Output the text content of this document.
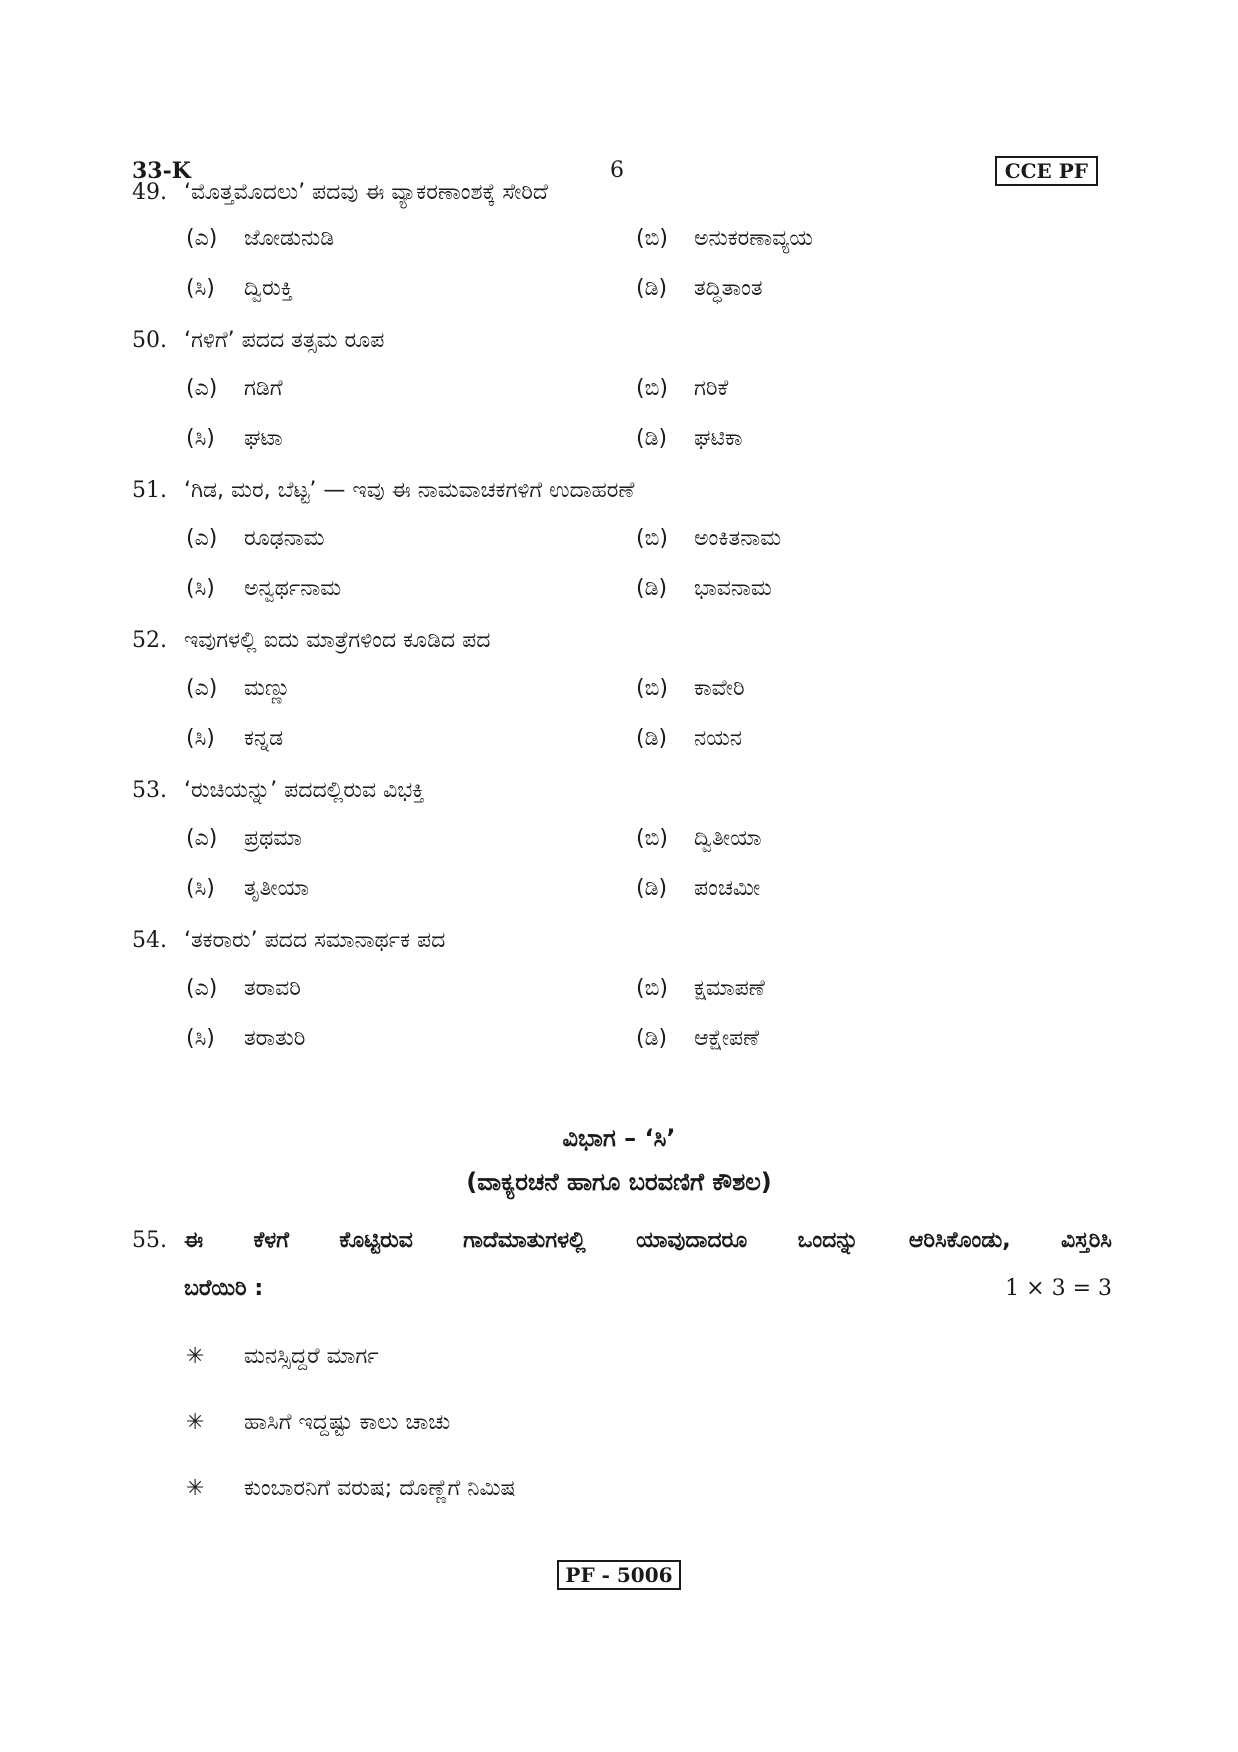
33-K	6	CCE PF
49. ‘ಮೊತ್ತಮೊದಲು’ ಪದವು ಈ ವ್ಯಾಕರಣಾಂಶಕ್ಕೆ ಸೇರಿದೆ
(ಎ) ಜೋಡುನುಡಿ	(ಬಿ) ಅನುಕರಣಾವ್ಯಯ
(ಸಿ) ದ್ವಿರುಕ್ತಿ	(ಡಿ) ತದ್ಧಿತಾಂತ
50. ‘ಗಳಿಗೆ’ ಪದದ ತತ್ಸಮ ರೂಪ
(ಎ) ಗಡಿಗೆ	(ಬಿ) ಗರಿಕೆ
(ಸಿ) ಘಟಾ	(ಡಿ) ಘಟಿಕಾ
51. ‘ಗಿಡ, ಮರ, ಬೆಟ್ಟ’ — ಇವು ಈ ನಾಮವಾಚಕಗಳಿಗೆ ಉದಾಹರಣೆ
(ಎ) ರೂಢನಾಮ	(ಬಿ) ಅಂಕಿತನಾಮ
(ಸಿ) ಅನ್ವರ್ಥನಾಮ	(ಡಿ) ಭಾವನಾಮ
52. ಇವುಗಳಲ್ಲಿ ಐದು ಮಾತ್ರೆಗಳಿಂದ ಕೂಡಿದ ಪದ
(ಎ) ಮಣ್ಣು	(ಬಿ) ಕಾವೇರಿ
(ಸಿ) ಕನ್ನಡ	(ಡಿ) ನಯನ
53. ‘ರುಚಿಯನ್ನು’ ಪದದಲ್ಲಿರುವ ವಿಭಕ್ತಿ
(ಎ) ಪ್ರಥಮಾ	(ಬಿ) ದ್ವಿತೀಯಾ
(ಸಿ) ತೃತೀಯಾ	(ಡಿ) ಪಂಚಮೀ
54. ‘ತಕರಾರು’ ಪದದ ಸಮಾನಾರ್ಥಕ ಪದ
(ಎ) ತರಾವರಿ	(ಬಿ) ಕ್ಷಮಾಪಣೆ
(ಸಿ) ತರಾತುರಿ	(ಡಿ) ಆಕ್ಷೇಪಣೆ
ವಿಭಾಗ – ‘ಸಿ’
(ವಾಕ್ಯರಚನೆ ಹಾಗೂ ಬರವಣಿಗೆ ಕೌಶಲ)
55. ಈ ಕೆಳಗೆ ಕೊಟ್ಟಿರುವ ಗಾದೆಮಾತುಗಳಲ್ಲಿ ಯಾವುದಾದರೂ ಒಂದನ್ನು ಆರಿಸಿಕೊಂಡು, ವಿಸ್ತರಿಸಿ
ಬರೆಯಿರಿ :	1 × 3 = 3
✳ ಮನಸ್ಸಿದ್ದರೆ ಮಾರ್ಗ
✳ ಹಾಸಿಗೆ ಇದ್ದಷ್ಟು ಕಾಲು ಚಾಚು
✳ ಕುಂಬಾರನಿಗೆ ವರುಷ; ದೊಣ್ಣೆಗೆ ನಿಮಿಷ
PF - 5006
